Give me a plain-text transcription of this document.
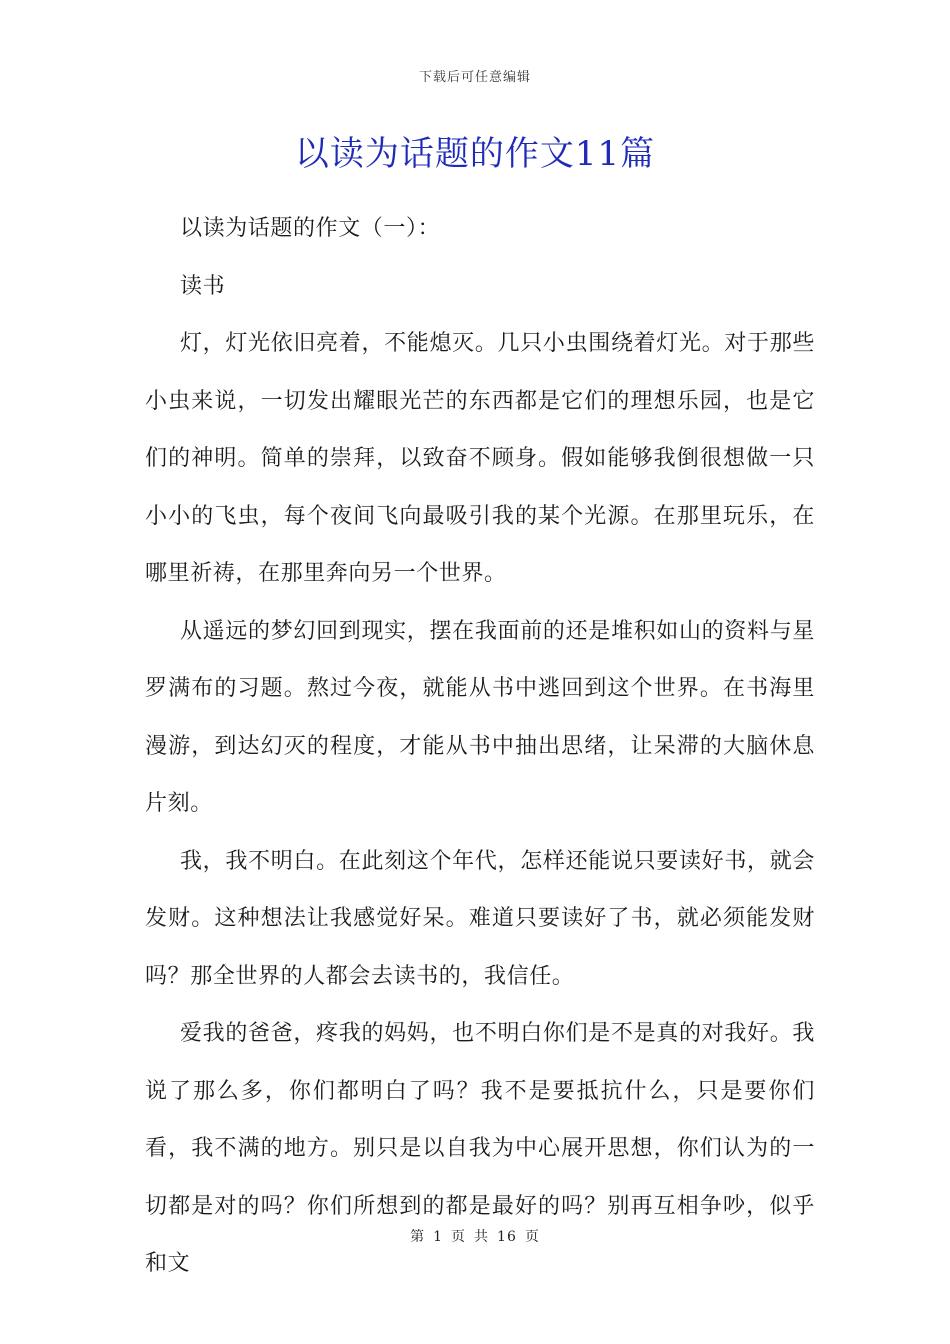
下载后可任意编辑
以读为话题的作文11篇

以读为话题的作文（一）：

读书

灯，灯光依旧亮着，不能熄灭。几只小虫围绕着灯光。对于那些小虫来说，一切发出耀眼光芒的东西都是它们的理想乐园，也是它们的神明。简单的崇拜，以致奋不顾身。假如能够我倒很想做一只小小的飞虫，每个夜间飞向最吸引我的某个光源。在那里玩乐，在哪里祈祷，在那里奔向另一个世界。

从遥远的梦幻回到现实，摆在我面前的还是堆积如山的资料与星罗满布的习题。熬过今夜，就能从书中逃回到这个世界。在书海里漫游，到达幻灭的程度，才能从书中抽出思绪，让呆滞的大脑休息片刻。

我，我不明白。在此刻这个年代，怎样还能说只要读好书，就会发财。这种想法让我感觉好呆。难道只要读好了书，就必须能发财吗？那全世界的人都会去读书的，我信任。

爱我的爸爸，疼我的妈妈，也不明白你们是不是真的对我好。我说了那么多，你们都明白了吗？我不是要抵抗什么，只是要你们看，我不满的地方。别只是以自我为中心展开思想，你们认为的一切都是对的吗？你们所想到的都是最好的吗？别再互相争吵，似乎和文

第 1 页 共 16 页
